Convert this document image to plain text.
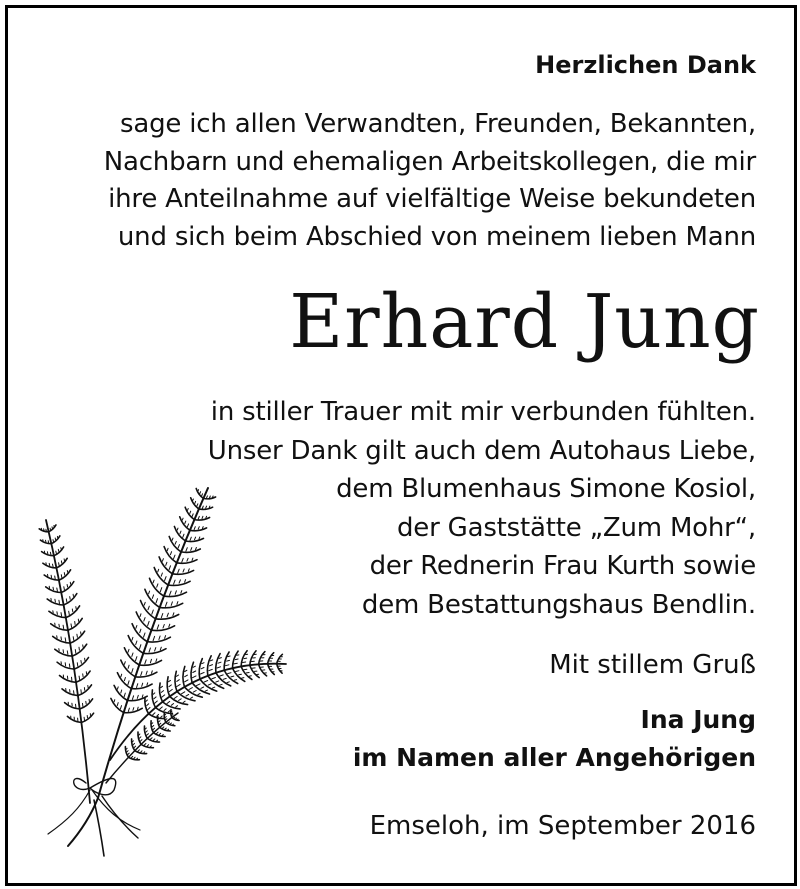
Herzlichen Dank
sage ich allen Verwandten, Freunden, Bekannten,
Nachbarn und ehemaligen Arbeitskollegen, die mir
ihre Anteilnahme auf vielfältige Weise bekundeten
und sich beim Abschied von meinem lieben Mann
Erhard Jung
in stiller Trauer mit mir verbunden fühlten.
Unser Dank gilt auch dem Autohaus Liebe,
dem Blumenhaus Simone Kosiol,
der Gaststätte „Zum Mohr“,
der Rednerin Frau Kurth sowie
dem Bestattungshaus Bendlin.
Mit stillem Gruß
Ina Jung
im Namen aller Angehörigen
Emseloh, im September 2016
